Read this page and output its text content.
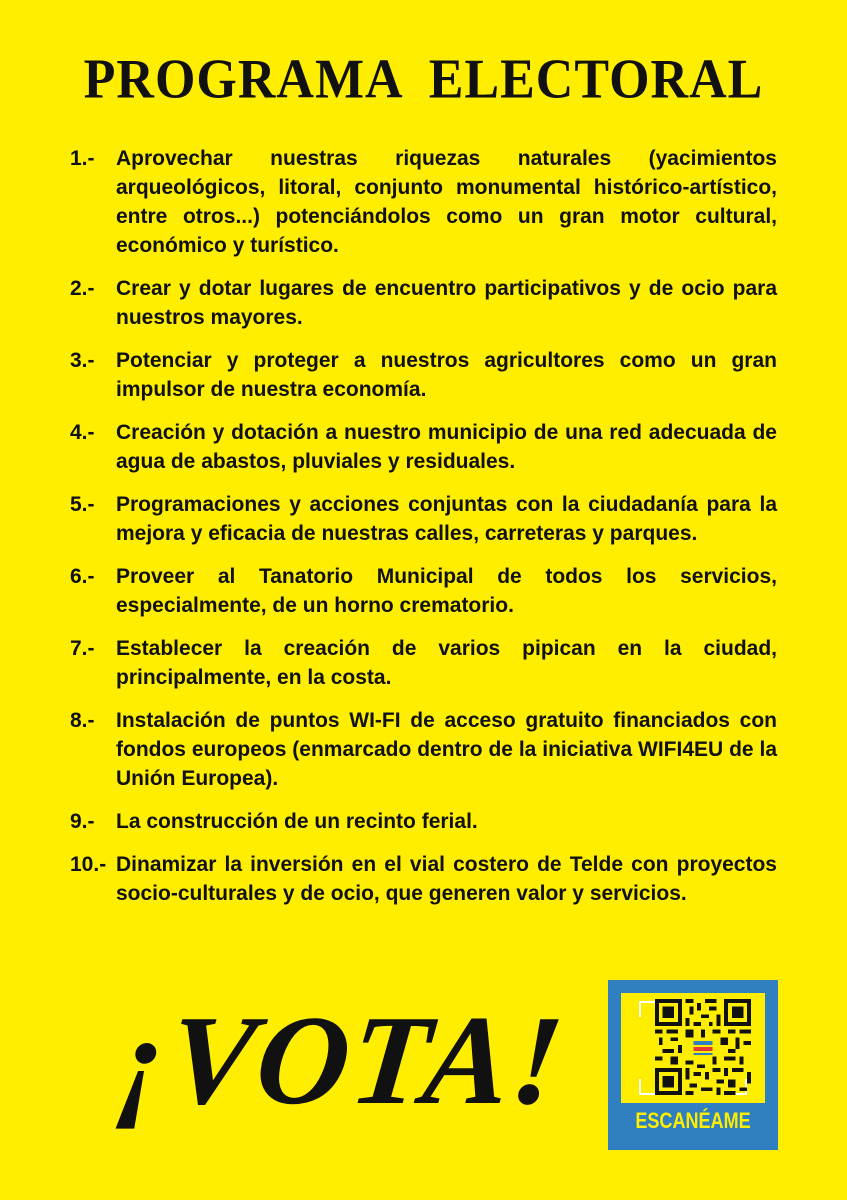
PROGRAMA ELECTORAL
1.-	Aprovechar nuestras riquezas naturales (yacimientos arqueológicos, litoral, conjunto monumental histórico-artístico, entre otros...) potenciándolos como un gran motor cultural, económico y turístico.
2.-	Crear y dotar lugares de encuentro participativos y de ocio para nuestros mayores.
3.-	Potenciar y proteger a nuestros agricultores como un gran impulsor de nuestra economía.
4.-	Creación y dotación a nuestro municipio de una red adecuada de agua de abastos, pluviales y residuales.
5.-	Programaciones y acciones conjuntas con la ciudadanía para la mejora y eficacia de nuestras calles, carreteras y parques.
6.-	Proveer al Tanatorio Municipal de todos los servicios, especialmente, de un horno crematorio.
7.-	Establecer la creación de varios pipican en la ciudad, principalmente, en la costa.
8.-	Instalación de puntos WI-FI de acceso gratuito financiados con fondos europeos (enmarcado dentro de la iniciativa WIFI4EU de la Unión Europea).
9.-	La construcción de un recinto ferial.
10.- Dinamizar la inversión en el vial costero de Telde con proyectos socio-culturales y de ocio, que generen valor y servicios.
¡VOTA!	ESCANÉAME
